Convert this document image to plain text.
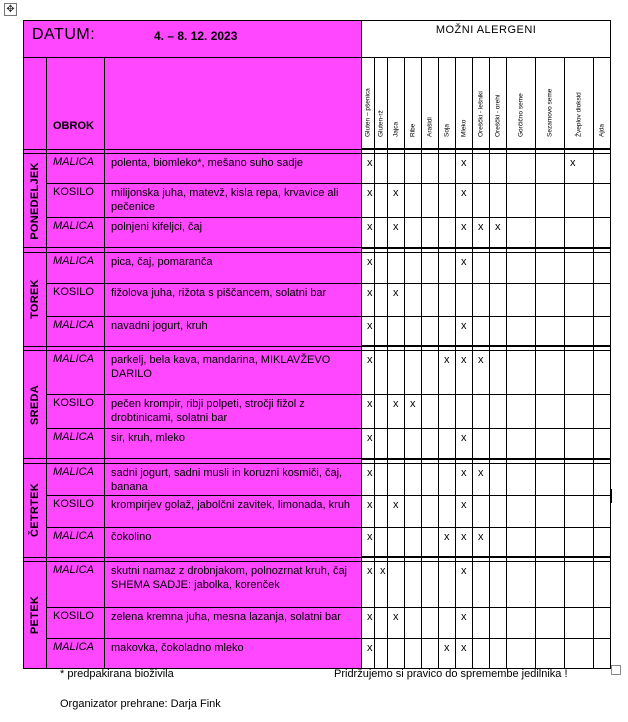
✥
DATUM: 4. – 8. 12. 2023			MOŽNI ALERGENI												
	OBROK		Gluten – pšenica	Gluten-rž	Jajca	Ribe	Arašidi	Soja	Mleko	Oreščki - lešniki	Oreščki - orehi	Gorčično seme	Sezamovo seme	Žveplov dioksid	Ajda

PONEDELJEK	MALICA	polenta, biomleko*, mešano suho sadje	x						x					x	
	KOSILO	milijonska juha, matevž, kisla repa, krvavice ali pečenice	x		x				x						
	MALICA	polnjeni kifeljci, čaj	x		x				x	x	x				

TOREK	MALICA	pica, čaj, pomaranča	x						x						
	KOSILO	fižolova juha, rižota s piščancem, solatni bar	x		x										
	MALICA	navadni jogurt, kruh	x						x						

SREDA	MALICA	parkelj, bela kava, mandarina, MIKLAVŽEVO DARILO	x					x	x	x					
	KOSILO	pečen krompir, ribji polpeti, stročji fižol z drobtinicami, solatni bar	x		x	x									
	MALICA	sir, kruh, mleko	x						x						

ČETRTEK	MALICA	sadni jogurt, sadni musli in koruzni kosmiči, čaj, banana	x						x	x					
	KOSILO	krompirjev golaž, jabolčni zavitek, limonada, kruh	x		x				x						
	MALICA	čokolino	x					x	x	x					

PETEK	MALICA	skutni namaz z drobnjakom, polnozrnat kruh, čaj
SHEMA SADJE: jabolka, korenček	x	x					x						
	KOSILO	zelena kremna juha, mesna lazanja, solatni bar	x		x				x						
	MALICA	makovka, čokoladno mleko	x					x	x						
* predpakirana bioživila	Pridržujemo si pravico do spremembe jedilnika !
Organizator prehrane: Darja Fink
